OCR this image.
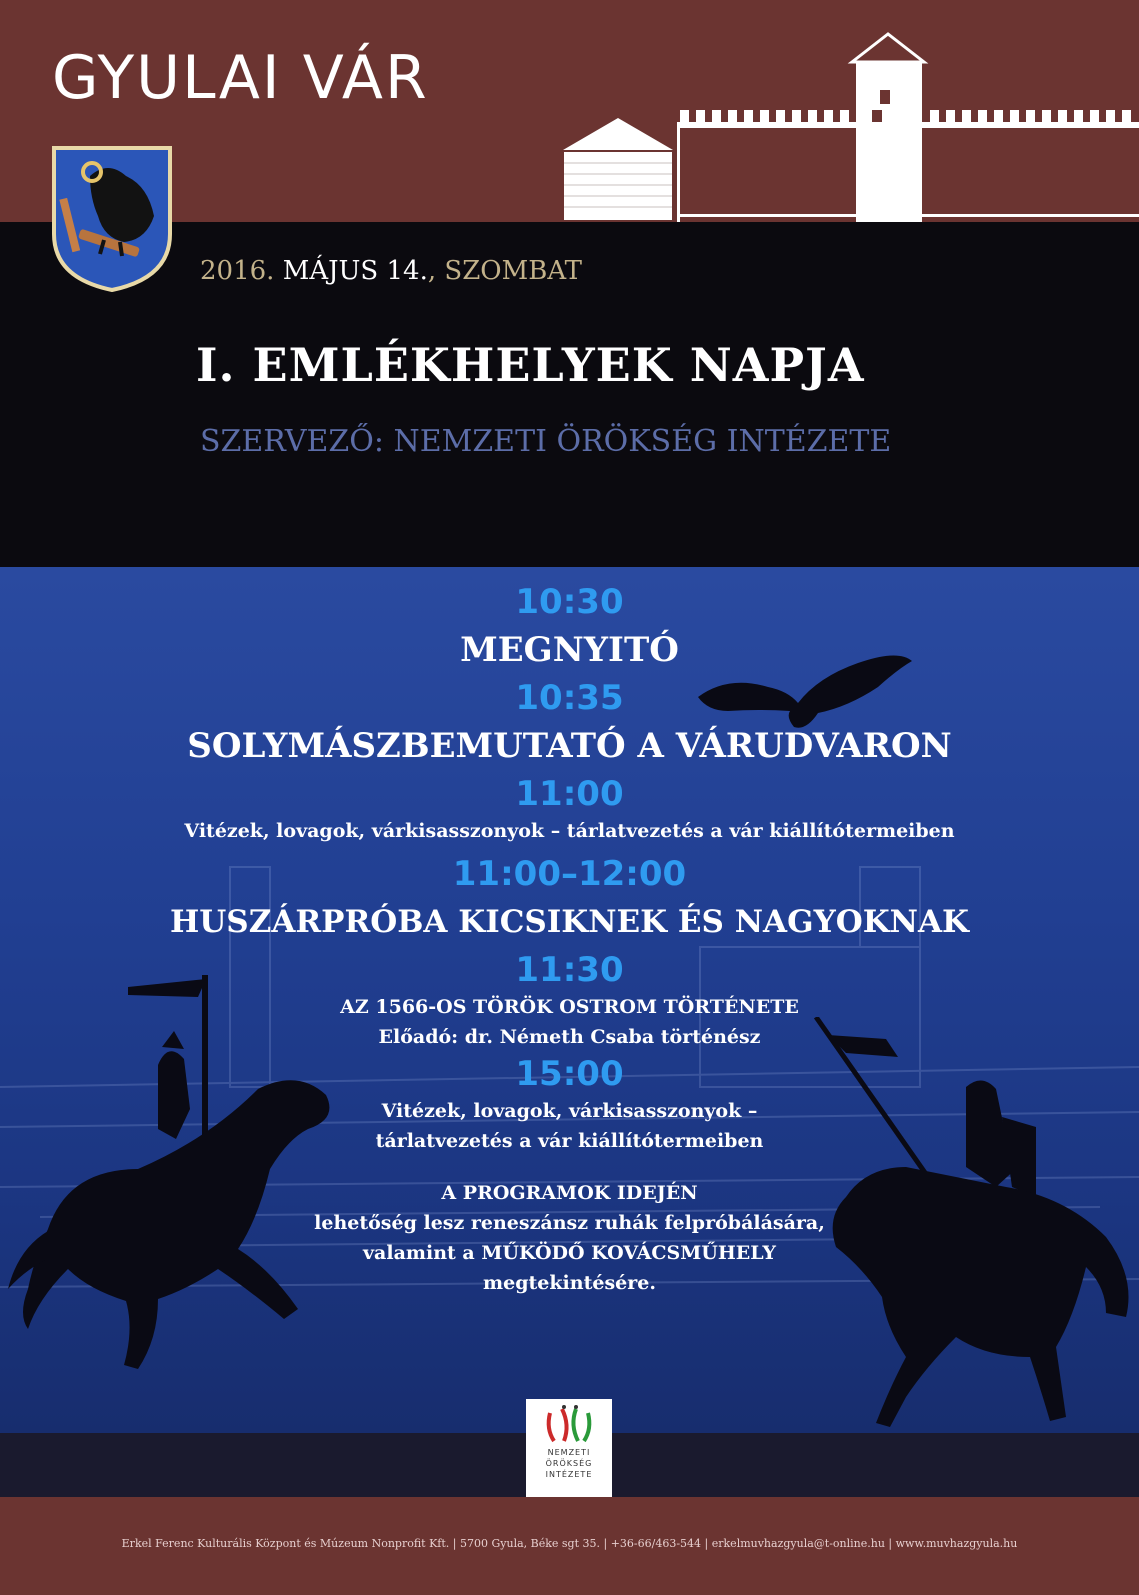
GYULAI VÁR
2016. MÁJUS 14., SZOMBAT
I. EMLÉKHELYEK NAPJA
SZERVEZŐ: NEMZETI ÖRÖKSÉG INTÉZETE
10:30
MEGNYITÓ
10:35
SOLYMÁSZBEMUTATÓ A VÁRUDVARON
11:00
Vitézek, lovagok, várkisasszonyok – tárlatvezetés a vár kiállítótermeiben
11:00–12:00
HUSZÁRPRÓBA KICSIKNEK ÉS NAGYOKNAK
11:30
AZ 1566-OS TÖRÖK OSTROM TÖRTÉNETE
Előadó: dr. Németh Csaba történész
15:00
Vitézek, lovagok, várkisasszonyok –
tárlatvezetés a vár kiállítótermeiben
A PROGRAMOK IDEJÉN
lehetőség lesz reneszánsz ruhák felpróbálására,
valamint a MŰKÖDŐ KOVÁCSMŰHELY
megtekintésére.
NEMZETI
ÖRÖKSÉG
INTÉZETE
Erkel Ferenc Kulturális Központ és Múzeum Nonprofit Kft. | 5700 Gyula, Béke sgt 35. | +36-66/463-544 | erkelmuvhazgyula@t-online.hu | www.muvhazgyula.hu
